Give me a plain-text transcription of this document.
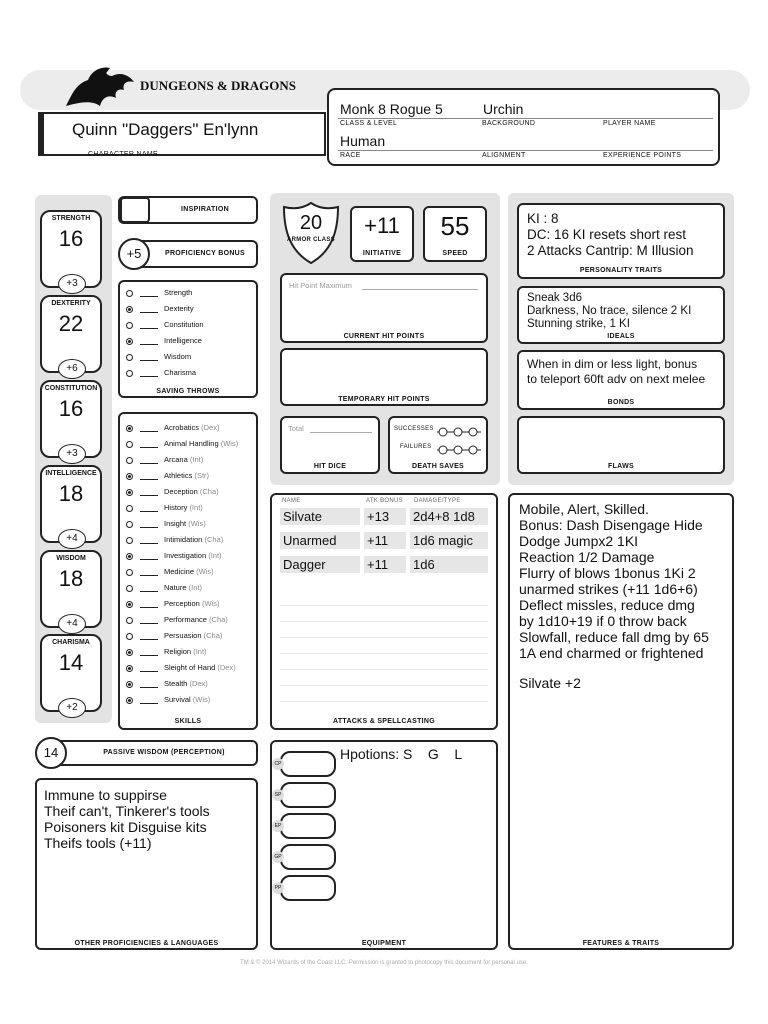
DUNGEONS & DRAGONS
Quinn "Daggers" En'lynn
CHARACTER NAME
Monk 8 Rogue 5	Urchin
CLASS & LEVEL	BACKGROUND	PLAYER NAME
Human
RACE	ALIGNMENT	EXPERIENCE POINTS
STRENGTH
16
+3
DEXTERITY
22
+6
CONSTITUTION
16
+3
INTELLIGENCE
18
+4
WISDOM
18
+4
CHARISMA
14
+2
INSPIRATION
+5	PROFICIENCY BONUS
Strength
Dexterity
Constitution
Intelligence
Wisdom
Charisma
SAVING THROWS
Acrobatics (Dex)
Animal Handling (Wis)
Arcana (Int)
Athletics (Str)
Deception (Cha)
History (Int)
Insight (Wis)
Intimidation (Cha)
Investigation (Int)
Medicine (Wis)
Nature (Int)
Perception (Wis)
Performance (Cha)
Persuasion (Cha)
Religion (Int)
Sleight of Hand (Dex)
Stealth (Dex)
Survival (Wis)
SKILLS
14	PASSIVE WISDOM (PERCEPTION)
Immune to suppirse
Theif can't, Tinkerer's tools
Poisoners kit Disguise kits
Theifs tools (+11)
OTHER PROFICIENCIES & LANGUAGES
20
ARMOR CLASS
+11
INITIATIVE
55
SPEED
Hit Point Maximum
CURRENT HIT POINTS
TEMPORARY HIT POINTS
Total
HIT DICE
SUCCESSES
FAILURES
DEATH SAVES
NAME	ATK BONUS DAMAGE/TYPE
Silvate	+13	2d4+8 1d8
Unarmed	+11	1d6 magic
Dagger	+11	1d6
ATTACKS & SPELLCASTING
Hpotions: S    G    L
CP
SP
EP
GP
PP
EQUIPMENT
KI : 8
DC: 16 KI resets short rest
2 Attacks Cantrip: M Illusion
PERSONALITY TRAITS
Sneak 3d6
Darkness, No trace, silence 2 KI
Stunning strike, 1 KI
IDEALS
When in dim or less light, bonus
to teleport 60ft adv on next melee
BONDS
FLAWS
Mobile, Alert, Skilled.
Bonus: Dash Disengage Hide
Dodge Jumpx2 1KI
Reaction 1/2 Damage
Flurry of blows 1bonus 1Ki 2
unarmed strikes (+11 1d6+6)
Deflect missles, reduce dmg
by 1d10+19 if 0 throw back
Slowfall, reduce fall dmg by 65
1A end charmed or frightened
Silvate +2
FEATURES & TRAITS
TM & © 2014 Wizards of the Coast LLC. Permission is granted to photocopy this document for personal use.
